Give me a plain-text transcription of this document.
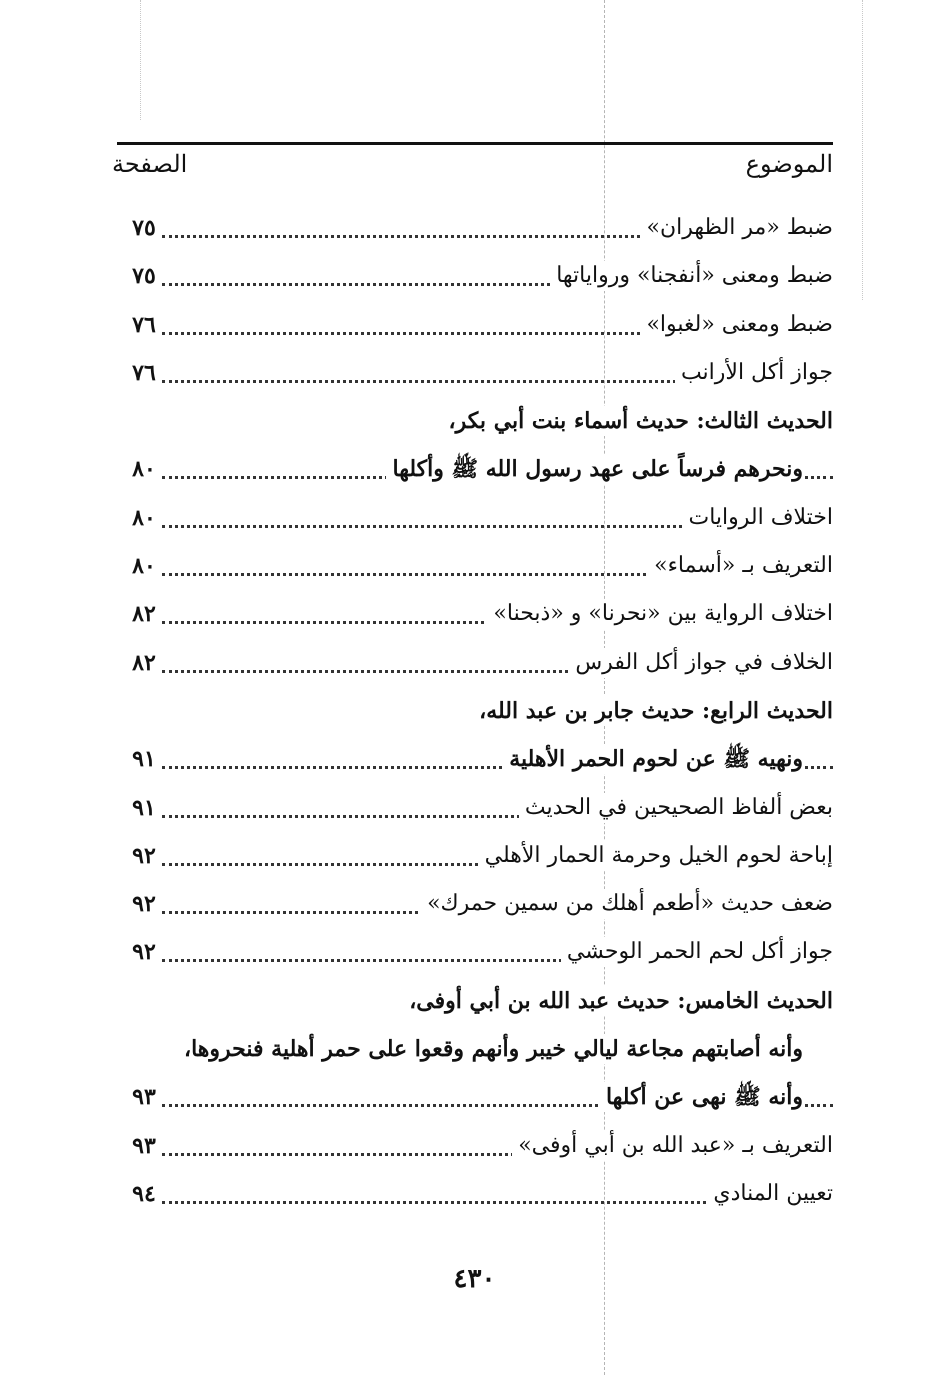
الموضوع
الصفحة
ضبط «مر الظهران»
٧٥
ضبط ومعنى «أنفجنا» ورواياتها
٧٥
ضبط ومعنى «لغبوا»
٧٦
جواز أكل الأرانب
٧٦
الحديث الثالث: حديث أسماء بنت أبي بكر،
ونحرهم فرساً على عهد رسول الله ﷺ وأكلها
٨٠
اختلاف الروايات
٨٠
التعريف بـ «أسماء»
٨٠
اختلاف الرواية بين «نحرنا» و «ذبحنا»
٨٢
الخلاف في جواز أكل الفرس
٨٢
الحديث الرابع: حديث جابر بن عبد الله،
ونهيه ﷺ عن لحوم الحمر الأهلية
٩١
بعض ألفاظ الصحيحين في الحديث
٩١
إباحة لحوم الخيل وحرمة الحمار الأهلي
٩٢
ضعف حديث «أطعم أهلك من سمين حمرك»
٩٢
جواز أكل لحم الحمر الوحشي
٩٢
الحديث الخامس: حديث عبد الله بن أبي أوفى،
وأنه أصابتهم مجاعة ليالي خيبر وأنهم وقعوا على حمر أهلية فنحروها،
وأنه ﷺ نهى عن أكلها
٩٣
التعريف بـ «عبد الله بن أبي أوفى»
٩٣
تعيين المنادي
٩٤
٤٣٠
